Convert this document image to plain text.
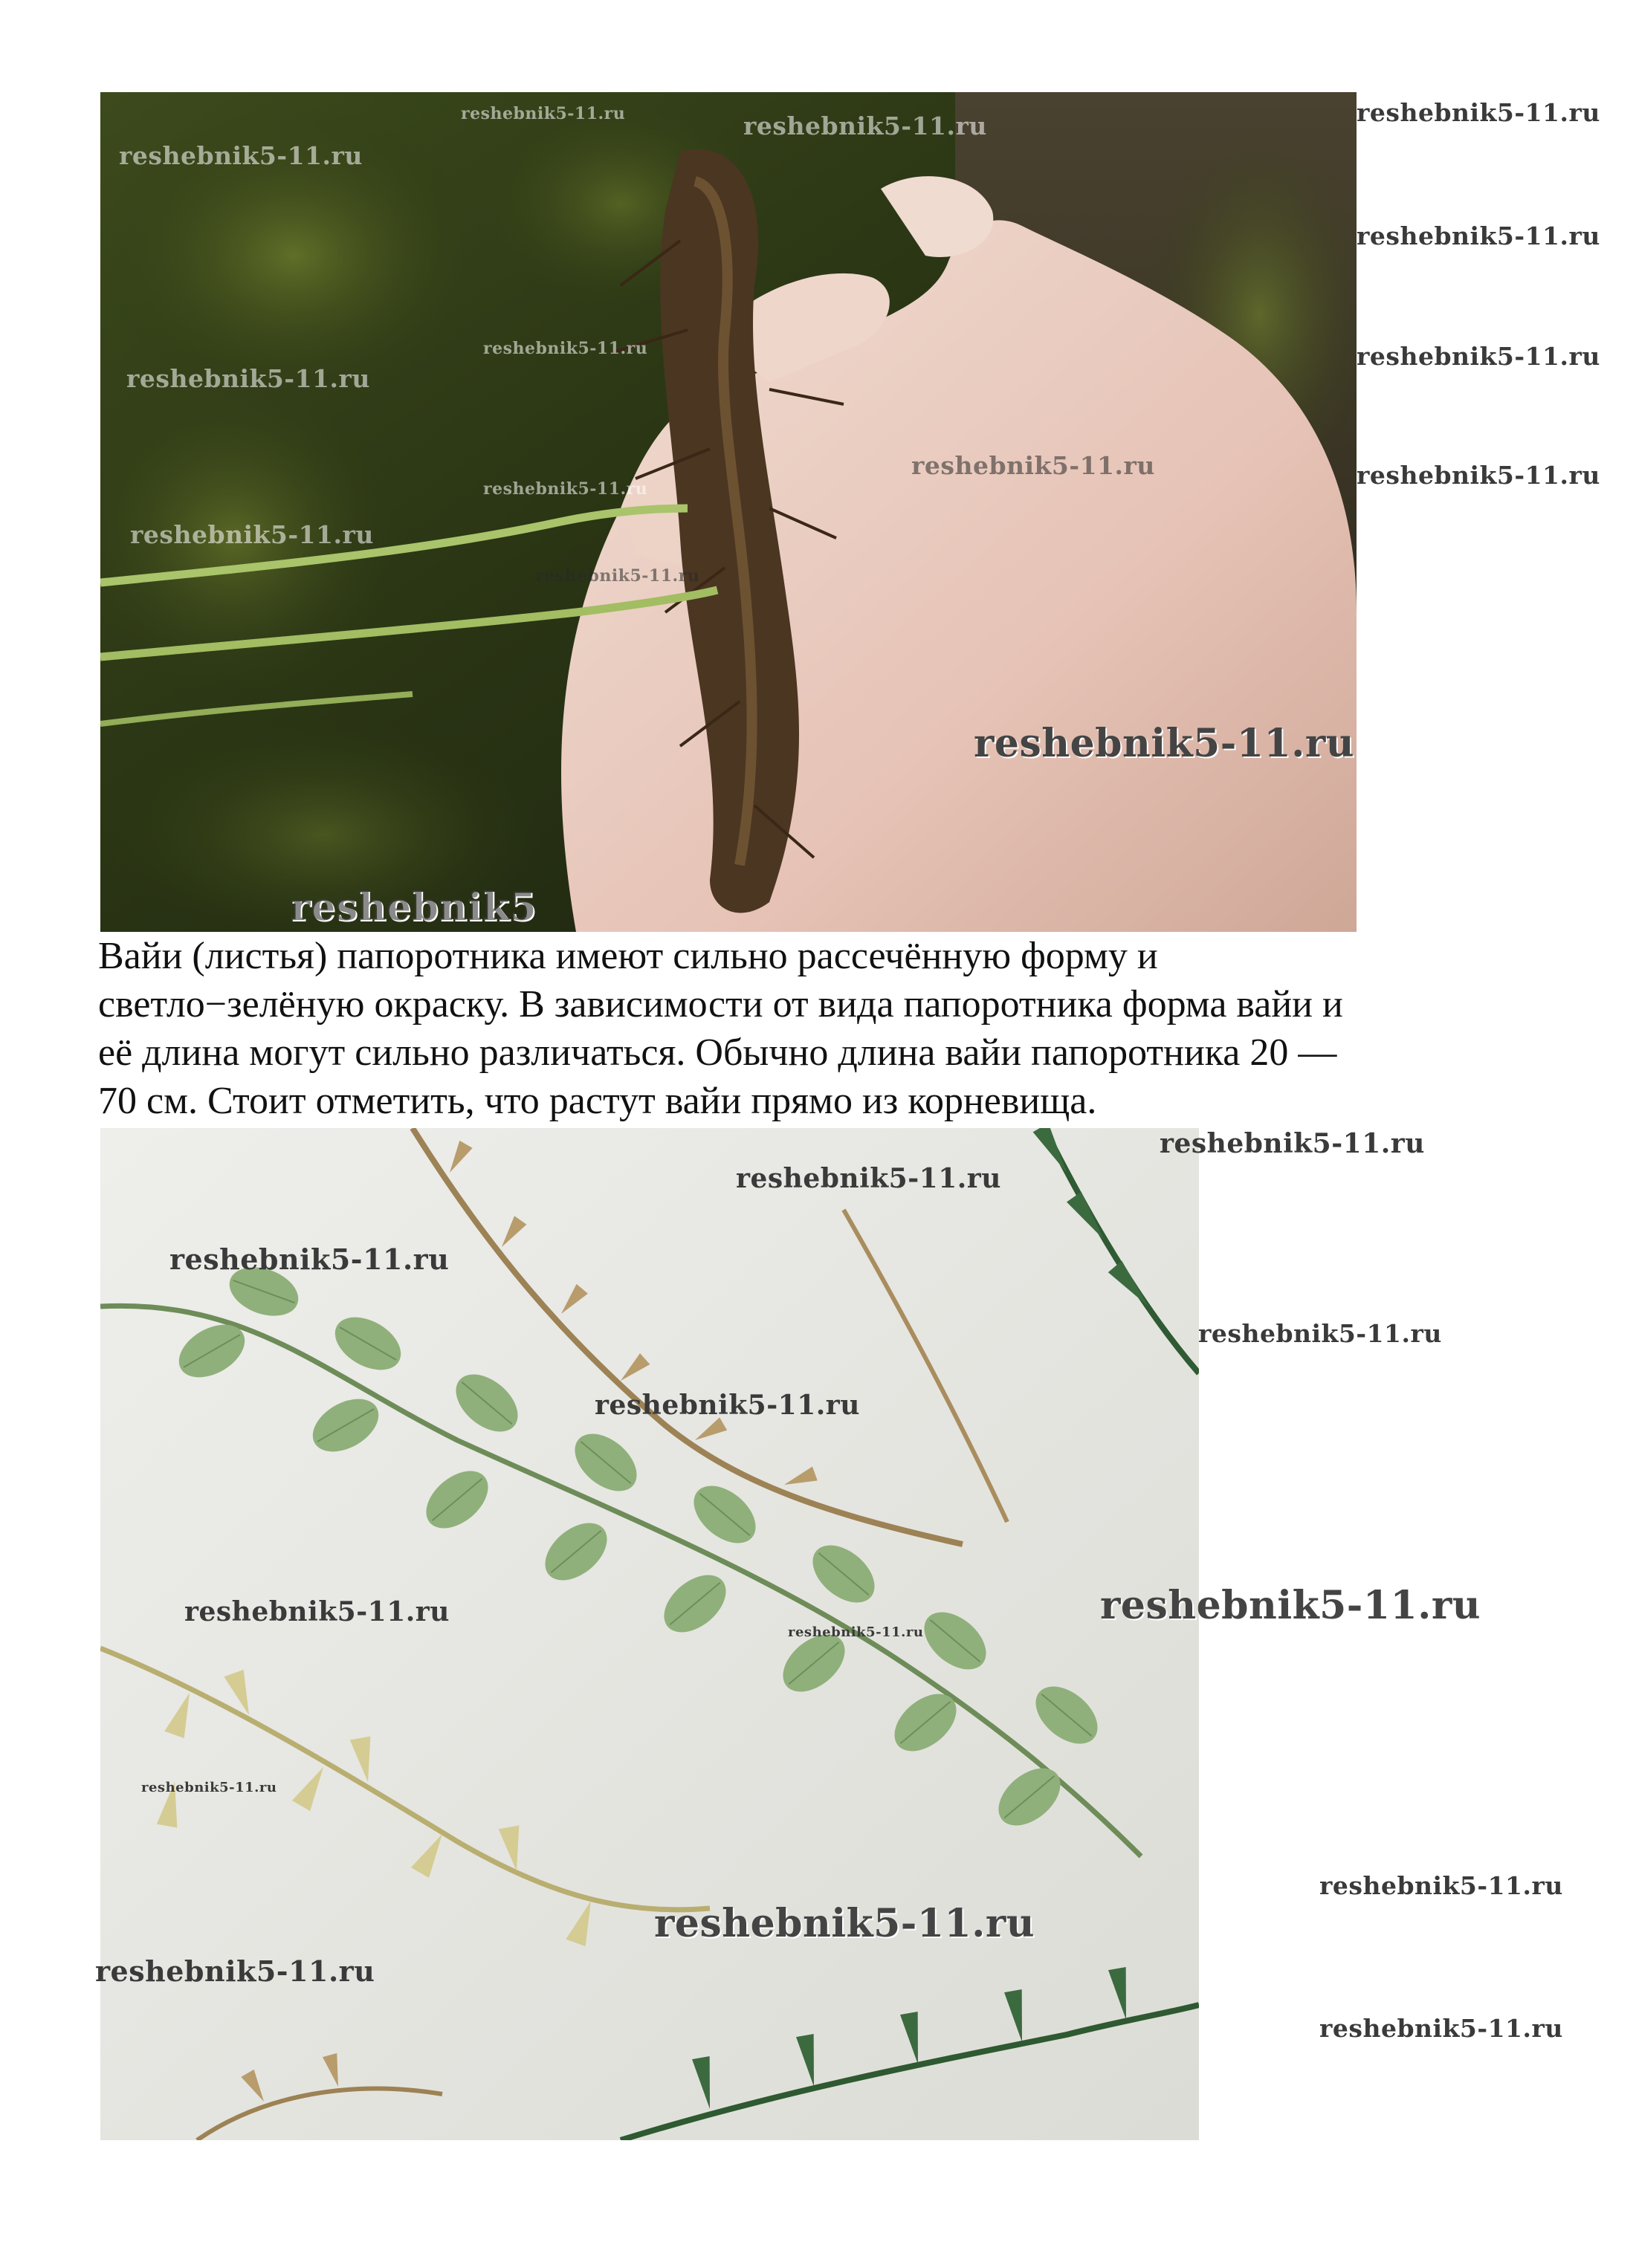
Вайи (листья) папоротника имеют сильно рассечённую форму и
светло−зелёную окраску. В зависимости от вида папоротника форма вайи и
её длина могут сильно различаться. Обычно длина вайи папоротника 20 —
70 см. Стоит отметить, что растут вайи прямо из корневища.
reshebnik5-11.ru
reshebnik5-11.ru
reshebnik5-11.ru
reshebnik5-11.ru
reshebnik5-11.ru
reshebnik5-11.ru
reshebnik5-11.ru
reshebnik5-11.ru
reshebnik5-11.ru
reshebnik5-11.ru
reshebnik5
reshebnik5-11.ru
reshebnik5-11.ru
reshebnik5-11.ru
reshebnik5-11.ru
reshebnik5-11.ru
reshebnik5-11.ru
reshebnik5-11.ru
reshebnik5-11.ru
reshebnik5-11.ru
reshebnik5-11.ru
reshebnik5-11.ru
reshebnik5-11.ru
reshebnik5-11.ru
reshebnik5-11.ru
reshebnik5-11.ru
reshebnik5-11.ru
reshebnik5-11.ru
